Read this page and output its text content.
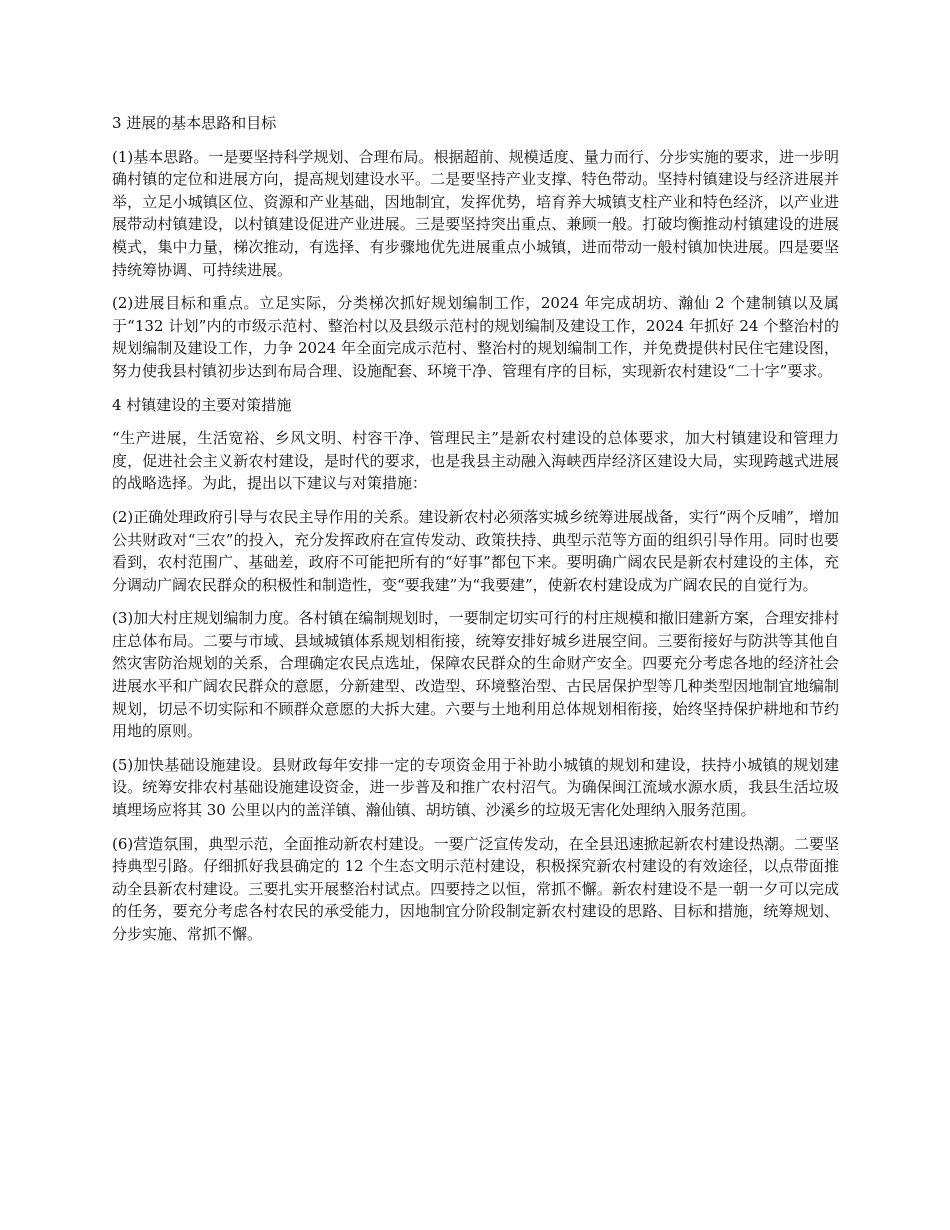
3 进展的基本思路和目标

(1)基本思路。一是要坚持科学规划、合理布局。根据超前、规模适度、量力而行、分步实施的要求，进一步明确村镇的定位和进展方向，提高规划建设水平。二是要坚持产业支撑、特色带动。坚持村镇建设与经济进展并举，立足小城镇区位、资源和产业基础，因地制宜，发挥优势，培育养大城镇支柱产业和特色经济，以产业进展带动村镇建设，以村镇建设促进产业进展。三是要坚持突出重点、兼顾一般。打破均衡推动村镇建设的进展模式，集中力量，梯次推动，有选择、有步骤地优先进展重点小城镇，进而带动一般村镇加快进展。四是要坚持统筹协调、可持续进展。

(2)进展目标和重点。立足实际，分类梯次抓好规划编制工作，2024 年完成胡坊、瀚仙 2 个建制镇以及属于“132 计划”内的市级示范村、整治村以及县级示范村的规划编制及建设工作，2024 年抓好 24 个整治村的规划编制及建设工作，力争 2024 年全面完成示范村、整治村的规划编制工作，并免费提供村民住宅建设图，努力使我县村镇初步达到布局合理、设施配套、环境干净、管理有序的目标，实现新农村建设“二十字”要求。

4 村镇建设的主要对策措施

“生产进展，生活宽裕、乡风文明、村容干净、管理民主”是新农村建设的总体要求，加大村镇建设和管理力度，促进社会主义新农村建设，是时代的要求，也是我县主动融入海峡西岸经济区建设大局，实现跨越式进展的战略选择。为此，提出以下建议与对策措施：

(2)正确处理政府引导与农民主导作用的关系。建设新农村必须落实城乡统筹进展战备，实行“两个反哺”，增加公共财政对“三农”的投入，充分发挥政府在宣传发动、政策扶持、典型示范等方面的组织引导作用。同时也要看到，农村范围广、基础差，政府不可能把所有的“好事”都包下来。要明确广阔农民是新农村建设的主体，充分调动广阔农民群众的积极性和制造性，变“要我建”为“我要建”，使新农村建设成为广阔农民的自觉行为。

(3)加大村庄规划编制力度。各村镇在编制规划时，一要制定切实可行的村庄规模和撤旧建新方案，合理安排村庄总体布局。二要与市域、县域城镇体系规划相衔接，统筹安排好城乡进展空间。三要衔接好与防洪等其他自然灾害防治规划的关系，合理确定农民点选址，保障农民群众的生命财产安全。四要充分考虑各地的经济社会进展水平和广阔农民群众的意愿，分新建型、改造型、环境整治型、古民居保护型等几种类型因地制宜地编制规划，切忌不切实际和不顾群众意愿的大拆大建。六要与土地利用总体规划相衔接，始终坚持保护耕地和节约用地的原则。

(5)加快基础设施建设。县财政每年安排一定的专项资金用于补助小城镇的规划和建设，扶持小城镇的规划建设。统筹安排农村基础设施建设资金，进一步普及和推广农村沼气。为确保闽江流域水源水质，我县生活垃圾填埋场应将其 30 公里以内的盖洋镇、瀚仙镇、胡坊镇、沙溪乡的垃圾无害化处理纳入服务范围。

(6)营造氛围，典型示范，全面推动新农村建设。一要广泛宣传发动，在全县迅速掀起新农村建设热潮。二要坚持典型引路。仔细抓好我县确定的 12 个生态文明示范村建设，积极探究新农村建设的有效途径，以点带面推动全县新农村建设。三要扎实开展整治村试点。四要持之以恒，常抓不懈。新农村建设不是一朝一夕可以完成的任务，要充分考虑各村农民的承受能力，因地制宜分阶段制定新农村建设的思路、目标和措施，统筹规划、分步实施、常抓不懈。
